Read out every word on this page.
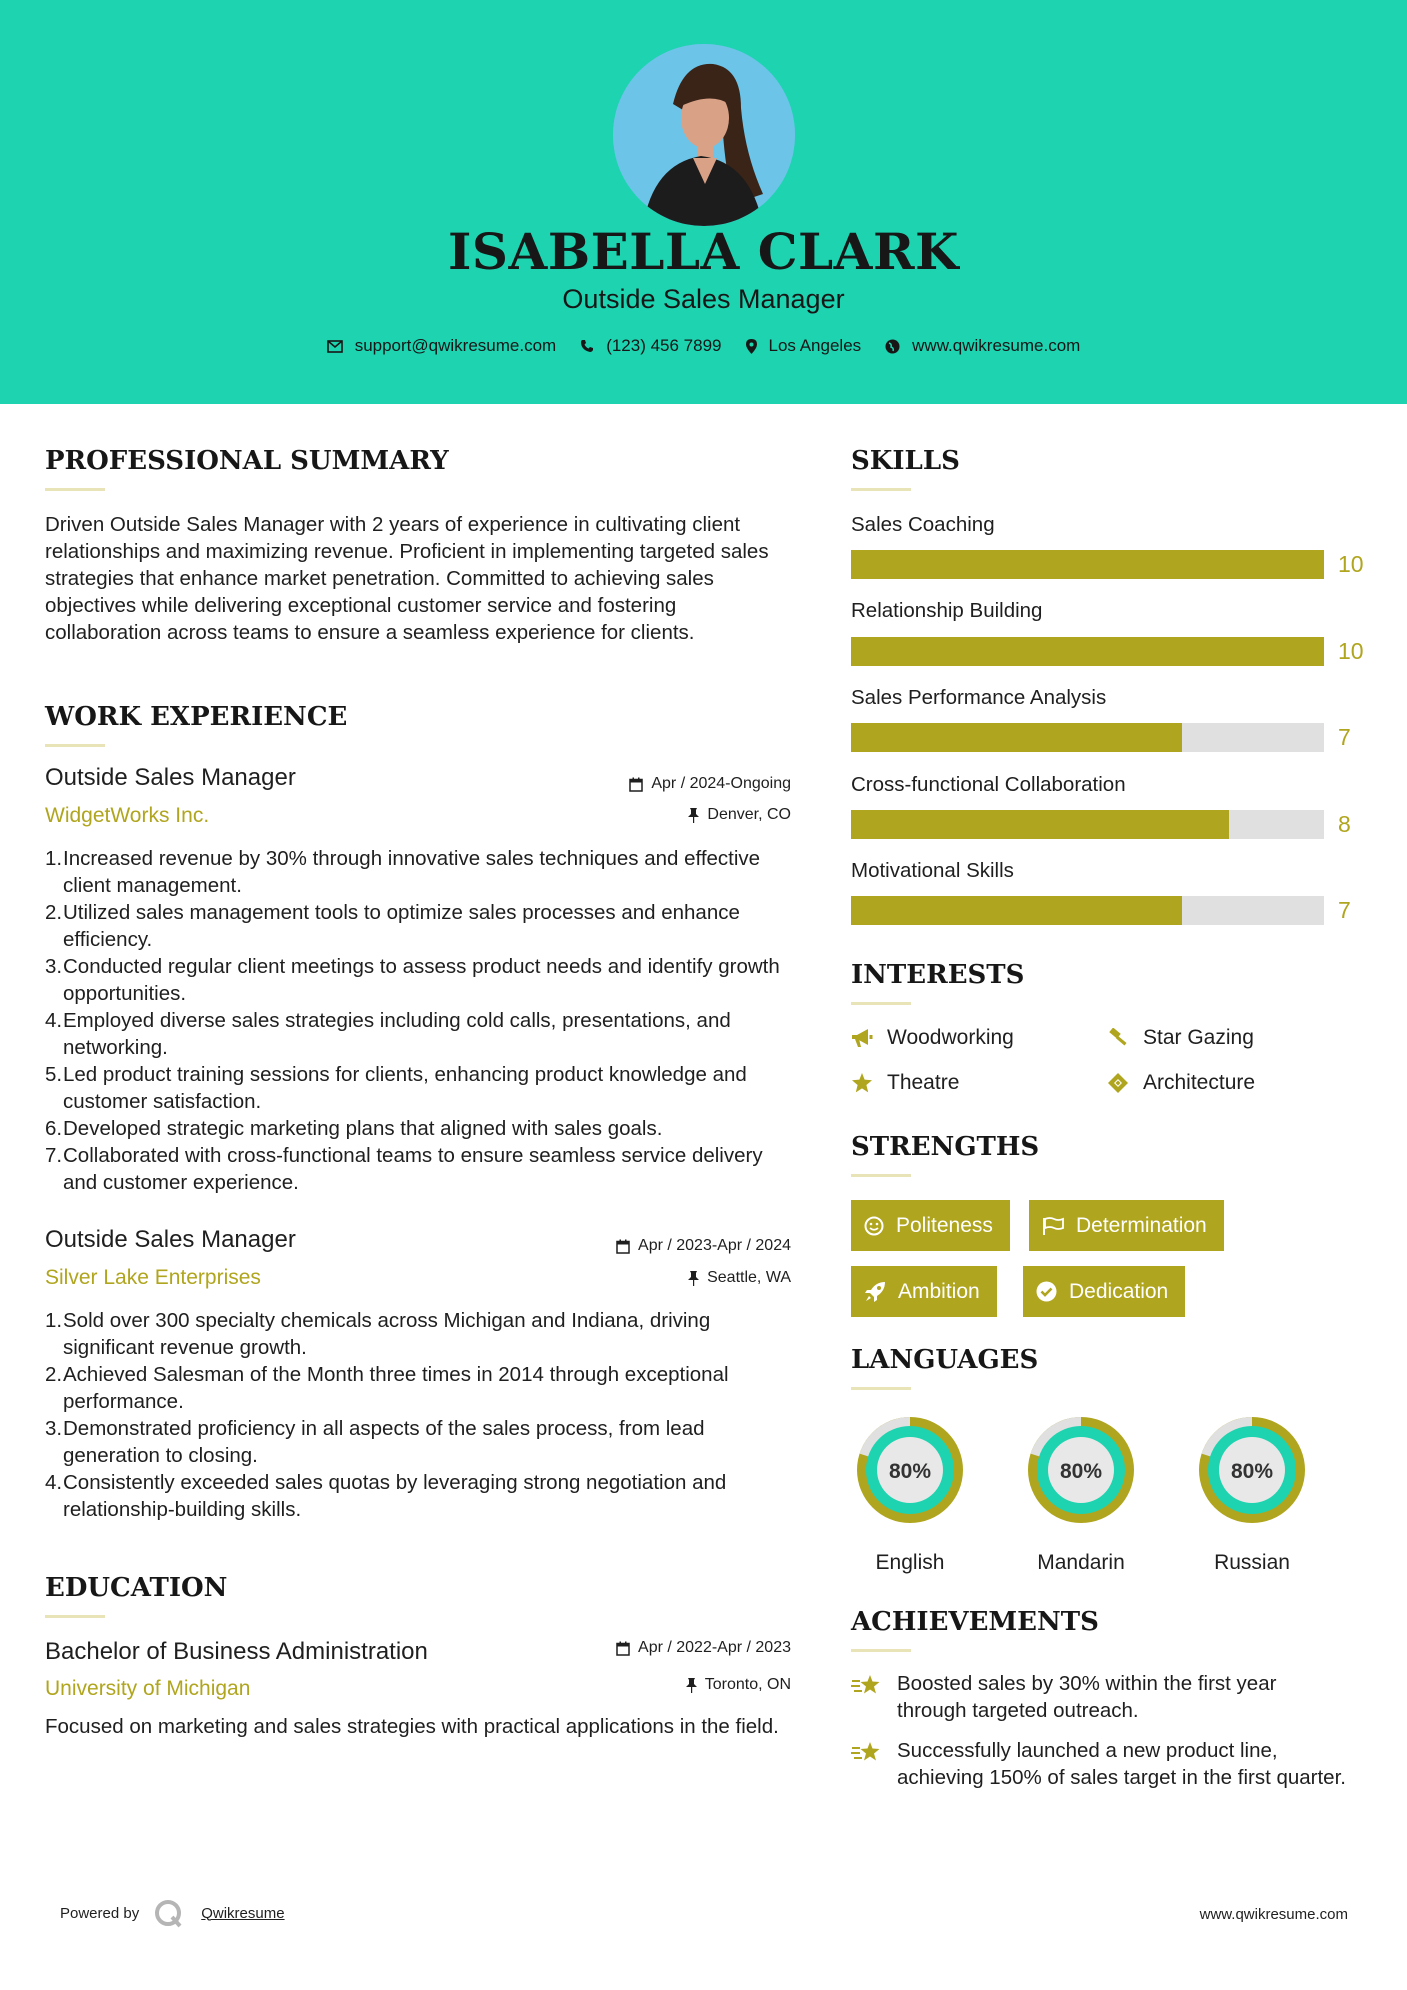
ISABELLA CLARK
Outside Sales Manager
support@qwikresume.com	(123) 456 7899	Los Angeles	www.qwikresume.com
PROFESSIONAL SUMMARY
Driven Outside Sales Manager with 2 years of experience in cultivating client relationships and maximizing revenue. Proficient in implementing targeted sales strategies that enhance market penetration. Committed to achieving sales objectives while delivering exceptional customer service and fostering collaboration across teams to ensure a seamless experience for clients.
WORK EXPERIENCE
Outside Sales Manager
WidgetWorks Inc.
Apr / 2024-Ongoing
Denver, CO
1. Increased revenue by 30% through innovative sales techniques and effective client management.
2. Utilized sales management tools to optimize sales processes and enhance efficiency.
3. Conducted regular client meetings to assess product needs and identify growth opportunities.
4. Employed diverse sales strategies including cold calls, presentations, and networking.
5. Led product training sessions for clients, enhancing product knowledge and customer satisfaction.
6. Developed strategic marketing plans that aligned with sales goals.
7. Collaborated with cross-functional teams to ensure seamless service delivery and customer experience.
Outside Sales Manager
Silver Lake Enterprises
Apr / 2023-Apr / 2024
Seattle, WA
1. Sold over 300 specialty chemicals across Michigan and Indiana, driving significant revenue growth.
2. Achieved Salesman of the Month three times in 2014 through exceptional performance.
3. Demonstrated proficiency in all aspects of the sales process, from lead generation to closing.
4. Consistently exceeded sales quotas by leveraging strong negotiation and relationship-building skills.
EDUCATION
Bachelor of Business Administration
University of Michigan
Apr / 2022-Apr / 2023
Toronto, ON
Focused on marketing and sales strategies with practical applications in the field.
SKILLS
Sales Coaching
10
Relationship Building
10
Sales Performance Analysis
7
Cross-functional Collaboration
8
Motivational Skills
7
INTERESTS
Woodworking	Star Gazing
Theatre	Architecture
STRENGTHS
Politeness	Determination
Ambition	Dedication
LANGUAGES
80%
English
80%
Mandarin
80%
Russian
ACHIEVEMENTS
Boosted sales by 30% within the first year through targeted outreach.
Successfully launched a new product line, achieving 150% of sales target in the first quarter.
Powered by	Qwikresume	www.qwikresume.com
